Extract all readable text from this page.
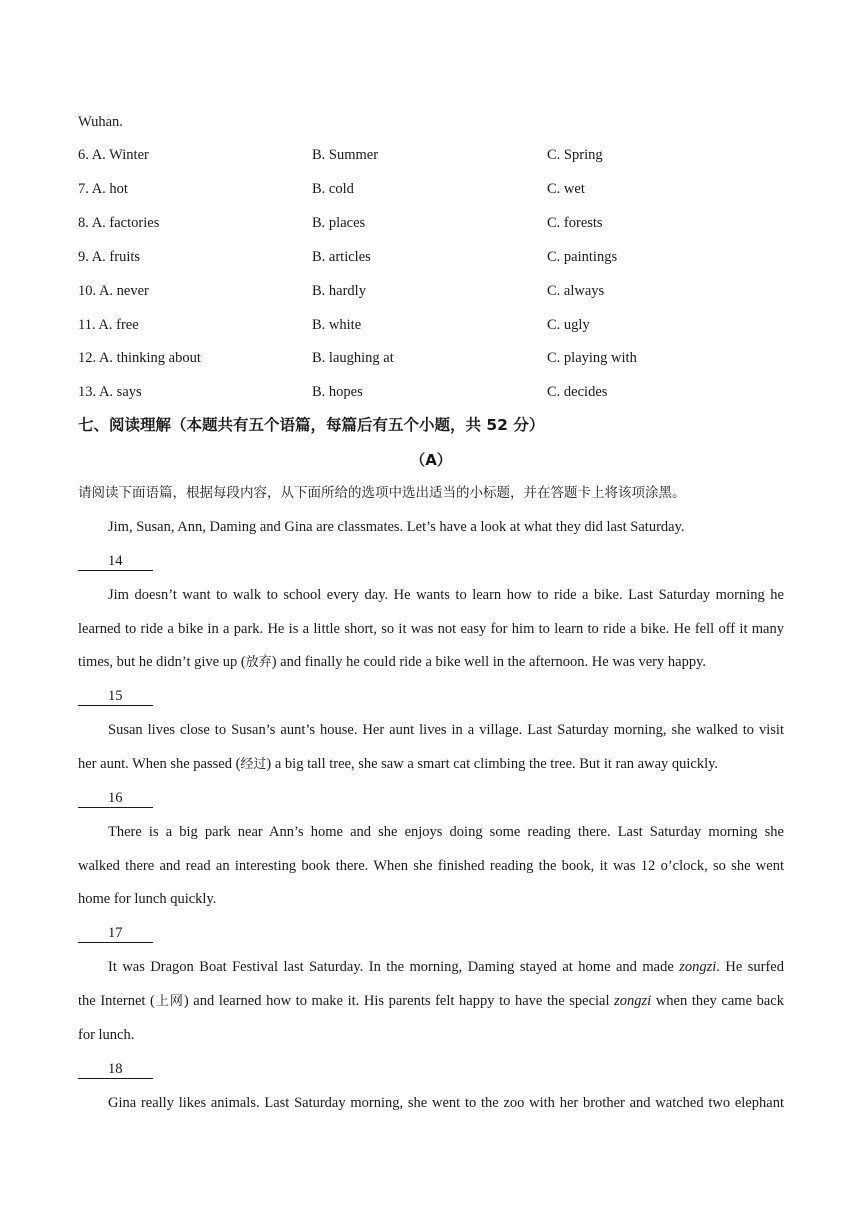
Wuhan.
6. A. Winter	B. Summer	C. Spring
7. A. hot	B. cold	C. wet
8. A. factories	B. places	C. forests
9. A. fruits	B. articles	C. paintings
10. A. never	B. hardly	C. always
11. A. free	B. white	C. ugly
12. A. thinking about	B. laughing at	C. playing with
13. A. says	B. hopes	C. decides
七、阅读理解（本题共有五个语篇，每篇后有五个小题，共 52 分）
（A）
请阅读下面语篇，根据每段内容，从下面所给的选项中选出适当的小标题，并在答题卡上将该项涂黑。
Jim, Susan, Ann, Daming and Gina are classmates. Let’s have a look at what they did last Saturday.
14
Jim doesn’t want to walk to school every day. He wants to learn how to ride a bike. Last Saturday morning he
learned to ride a bike in a park. He is a little short, so it was not easy for him to learn to ride a bike. He fell off it many
times, but he didn’t give up (放弃) and finally he could ride a bike well in the afternoon. He was very happy.
15
Susan lives close to Susan’s aunt’s house. Her aunt lives in a village. Last Saturday morning, she walked to visit
her aunt. When she passed (经过) a big tall tree, she saw a smart cat climbing the tree. But it ran away quickly.
16
There is a big park near Ann’s home and she enjoys doing some reading there. Last Saturday morning she
walked there and read an interesting book there. When she finished reading the book, it was 12 o’clock, so she went
home for lunch quickly.
17
It was Dragon Boat Festival last Saturday. In the morning, Daming stayed at home and made zongzi. He surfed
the Internet (上网) and learned how to make it. His parents felt happy to have the special zongzi when they came back
for lunch.
18
Gina really likes animals. Last Saturday morning, she went to the zoo with her brother and watched two elephant
